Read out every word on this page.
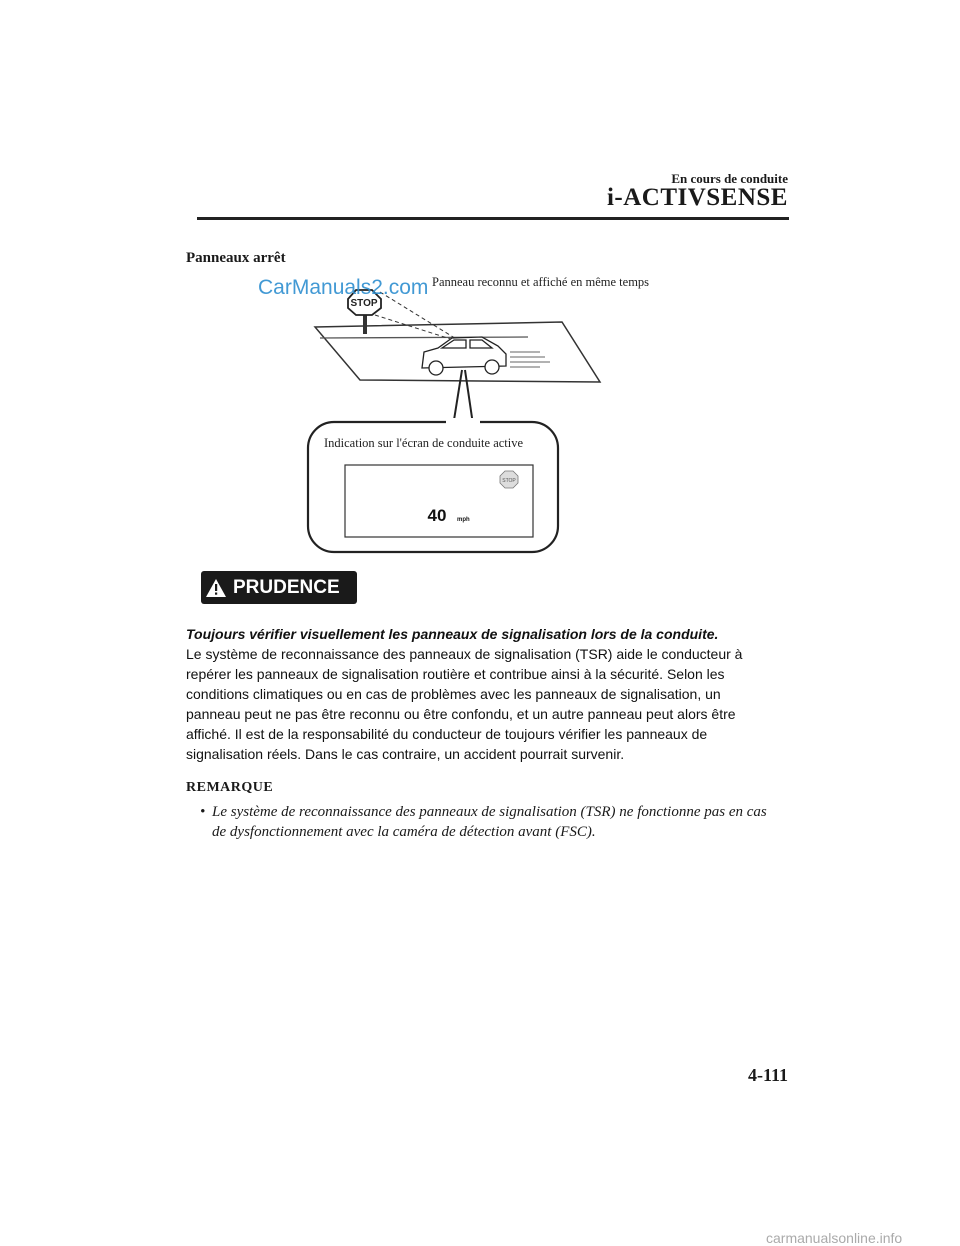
En cours de conduite
i-ACTIVSENSE
Panneaux arrêt
STOP
STOP
40 mph
CarManuals2.com Panneau reconnu et affiché en même temps
Indication sur l'écran de conduite active
PRUDENCE
Toujours vérifier visuellement les panneaux de signalisation lors de la conduite.
Le système de reconnaissance des panneaux de signalisation (TSR) aide le conducteur à repérer les panneaux de signalisation routière et contribue ainsi à la sécurité. Selon les conditions climatiques ou en cas de problèmes avec les panneaux de signalisation, un panneau peut ne pas être reconnu ou être confondu, et un autre panneau peut alors être affiché. Il est de la responsabilité du conducteur de toujours vérifier les panneaux de signalisation réels. Dans le cas contraire, un accident pourrait survenir.
REMARQUE
• Le système de reconnaissance des panneaux de signalisation (TSR) ne fonctionne pas en cas de dysfonctionnement avec la caméra de détection avant (FSC).
4-111
carmanualsonline.info
